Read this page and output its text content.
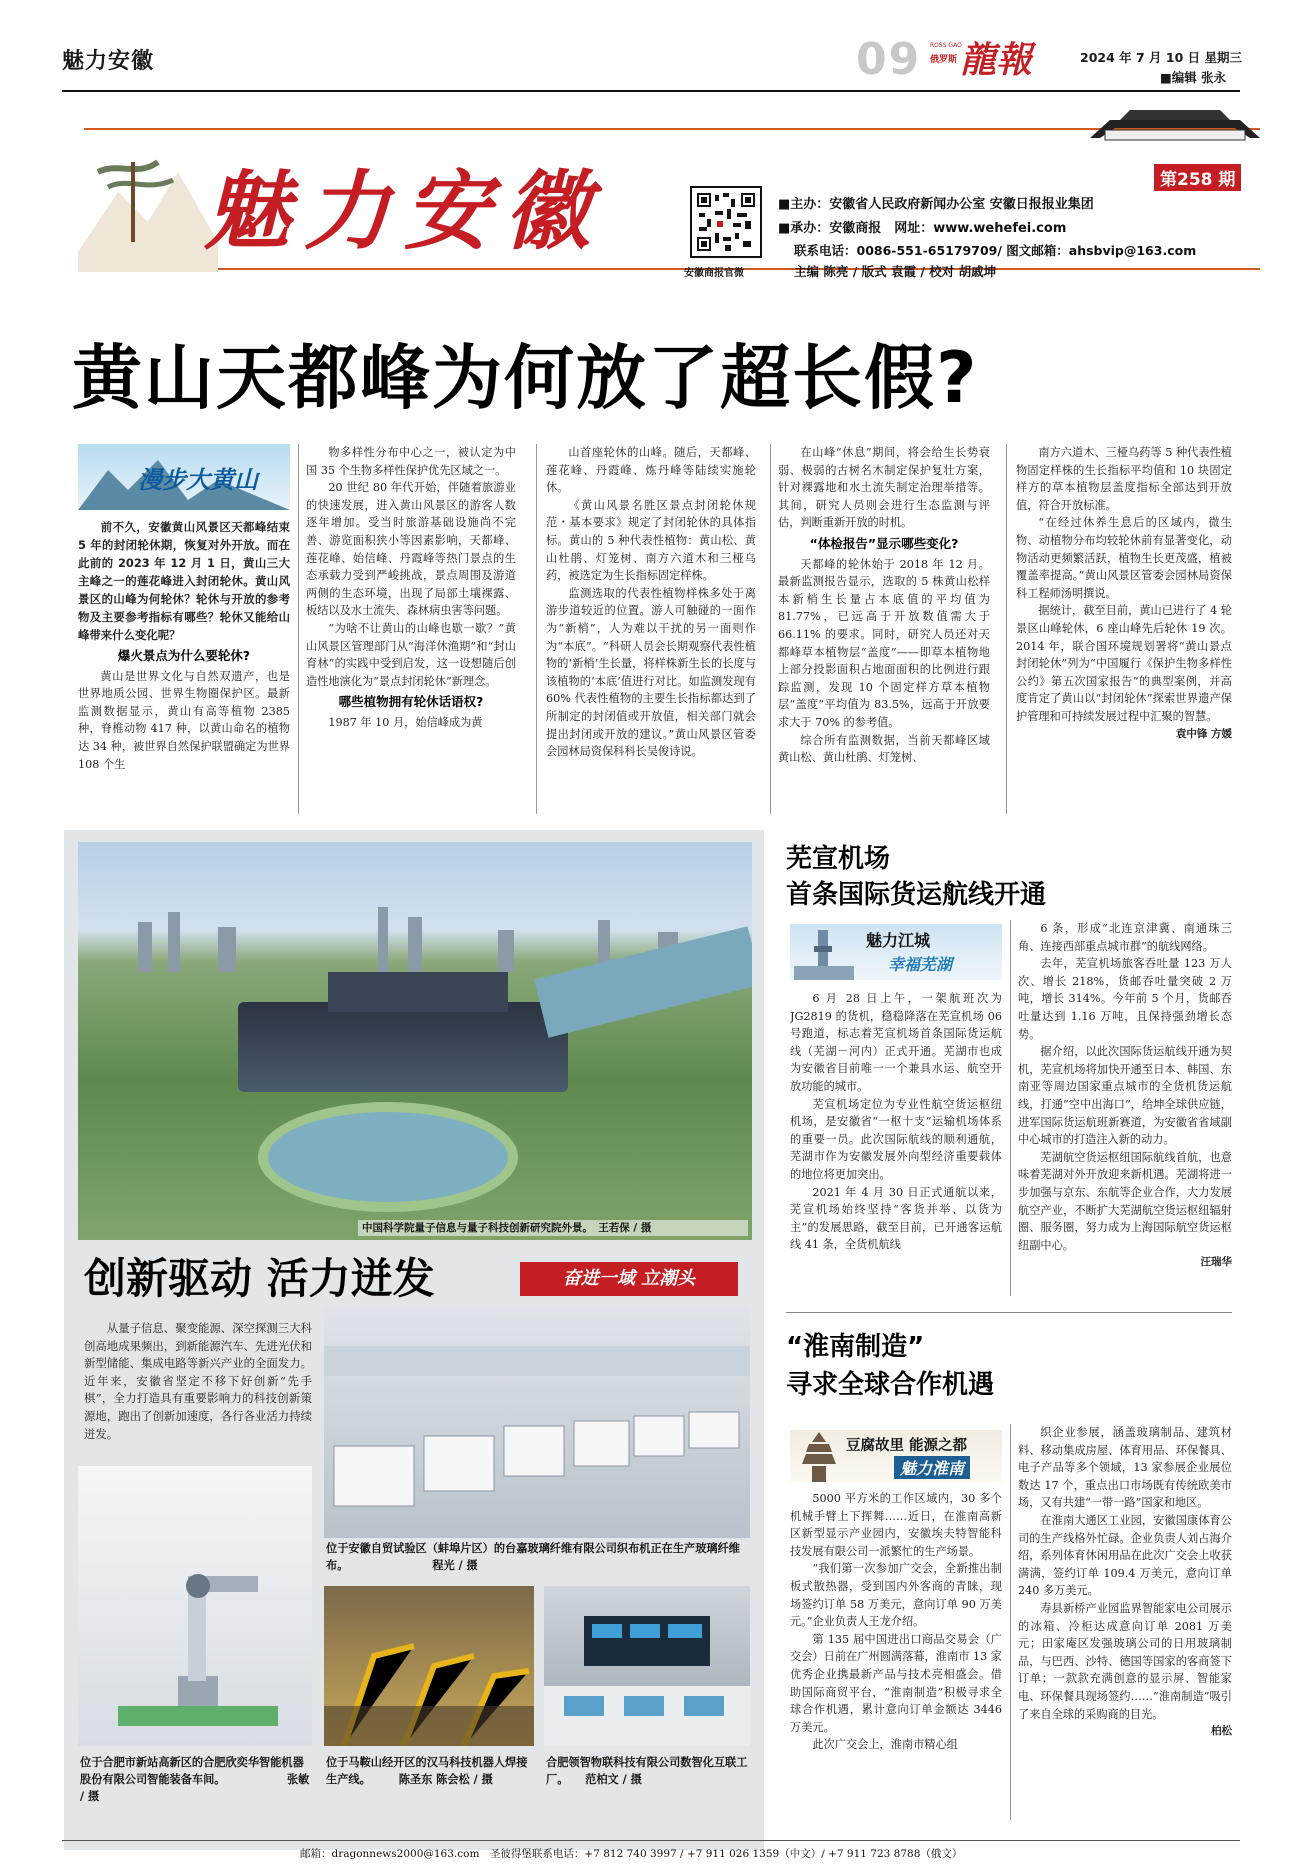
魅力安徽	09 俄罗斯
ROSS GAO
龍報	2024 年 7 月 10 日 星期三
■编辑 张永
魅力安徽
安徽商报官微
第258 期
■主办：安徽省人民政府新闻办公室 安徽日报报业集团
■承办：安徽商报　网址：www.wehefei.com
联系电话：0086-551-65179709/ 图文邮箱：ahsbvip@163.com
主编 陈亮 / 版式 袁霞 / 校对 胡戚坤
黄山天都峰为何放了超长假?
漫步大黄山

前不久，安徽黄山风景区天都峰结束 5 年的封闭轮休期，恢复对外开放。而在此前的 2023 年 12 月 1 日，黄山三大主峰之一的莲花峰进入封闭轮休。黄山风景区的山峰为何轮休？轮休与开放的参考物及主要参考指标有哪些？轮休又能给山峰带来什么变化呢？

爆火景点为什么要轮休?

黄山是世界文化与自然双遗产，也是世界地质公园、世界生物圈保护区。最新监测数据显示，黄山有高等植物 2385 种，脊椎动物 417 种，以黄山命名的植物达 34 种，被世界自然保护联盟确定为世界 108 个生

物多样性分布中心之一，被认定为中国 35 个生物多样性保护优先区域之一。

20 世纪 80 年代开始，伴随着旅游业的快速发展，进入黄山风景区的游客人数逐年增加。受当时旅游基础设施尚不完善、游览面积狭小等因素影响，天都峰、莲花峰、始信峰、丹霞峰等热门景点的生态承载力受到严峻挑战，景点周围及游道两侧的生态环境，出现了局部土壤裸露、板结以及水土流失、森林病虫害等问题。

“为啥不让黄山的山峰也歇一歇？”黄山风景区管理部门从“海洋休渔期”和“封山育林”的实践中受到启发，这一设想随后创造性地演化为“景点封闭轮休”新理念。

哪些植物拥有轮休话语权?

1987 年 10 月，始信峰成为黄

山首座轮休的山峰。随后，天都峰、莲花峰、丹霞峰、炼丹峰等陆续实施轮休。

《黄山风景名胜区景点封闭轮休规范・基本要求》规定了封闭轮休的具体指标。黄山的 5 种代表性植物：黄山松、黄山杜鹃、灯笼树、南方六道木和三桠乌药，被选定为生长指标固定样株。

监测选取的代表性植物样株多处于离游步道较近的位置。游人可触碰的一面作为“新梢”，人为难以干扰的另一面则作为“本底”。“科研人员会长期观察代表性植物的‘新梢’生长量，将样株新生长的长度与该植物的‘本底’值进行对比。如监测发现有 60% 代表性植物的主要生长指标都达到了所制定的封闭值或开放值，相关部门就会提出封闭或开放的建议。”黄山风景区管委会园林局资保科科长吴俊诗说。

在山峰“休息”期间，将会给生长势衰弱、极弱的古树名木制定保护复壮方案，针对裸露地和水土流失制定治理举措等。其间，研究人员则会进行生态监测与评估，判断重新开放的时机。

“体检报告”显示哪些变化?

天都峰的轮休始于 2018 年 12 月。最新监测报告显示，选取的 5 株黄山松样本新梢生长量占本底值的平均值为 81.77%，已远高于开放数值需大于 66.11% 的要求。同时，研究人员还对天都峰草本植物层“盖度”——即草本植物地上部分投影面积占地面面积的比例进行跟踪监测，发现 10 个固定样方草本植物层“盖度”平均值为 83.5%，远高于开放要求大于 70% 的参考值。

综合所有监测数据，当前天都峰区域黄山松、黄山杜鹃、灯笼树、

南方六道木、三桠乌药等 5 种代表性植物固定样株的生长指标平均值和 10 块固定样方的草本植物层盖度指标全部达到开放值，符合开放标准。

“在经过休养生息后的区域内，微生物、动植物分布均较轮休前有显著变化，动物活动更频繁活跃，植物生长更茂盛，植被覆盖率提高。”黄山风景区管委会园林局资保科工程师汤明撰说。

据统计，截至目前，黄山已进行了 4 轮景区山峰轮休，6 座山峰先后轮休 19 次。2014 年，联合国环境规划署将“黄山景点封闭轮休”列为“中国履行《保护生物多样性公约》第五次国家报告”的典型案例，并高度肯定了黄山以“封闭轮休”探索世界遗产保护管理和可持续发展过程中汇聚的智慧。

袁中锋 方媛

中国科学院量子信息与量子科技创新研究院外景。　王若保 / 摄
创新驱动 活力迸发	奋进一域 立潮头

从量子信息、聚变能源、深空探测三大科创高地成果频出，到新能源汽车、先进光伏和新型储能、集成电路等新兴产业的全面发力。近年来，安徽省坚定不移下好创新“先手棋”，全力打造具有重要影响力的科技创新策源地，跑出了创新加速度，各行各业活力持续迸发。

位于安徽自贸试验区（蚌埠片区）的台嘉玻璃纤维有限公司织布机正在生产玻璃纤维布。　　　　　　　　程光 / 摄
位于合肥市新站高新区的合肥欣奕华智能机器股份有限公司智能装备车间。　　　　　　张敏 / 摄
位于马鞍山经开区的汉马科技机器人焊接生产线。　　　陈圣东 陈会松 / 摄
合肥领智物联科技有限公司数智化互联工厂。　　范柏文 / 摄
芜宣机场
首条国际货运航线开通
魅力江城
幸福芜湖

6 月 28 日上午，一架航班次为 JG2819 的货机，稳稳降落在芜宣机场 06 号跑道，标志着芜宣机场首条国际货运航线（芜湖－河内）正式开通。芜湖市也成为安徽省目前唯一一个兼具水运、航空开放功能的城市。

芜宣机场定位为专业性航空货运枢纽机场，是安徽省“一枢十支”运输机场体系的重要一员。此次国际航线的顺利通航，芜湖市作为安徽发展外向型经济重要载体的地位将更加突出。

2021 年 4 月 30 日正式通航以来，芜宣机场始终坚持“客货并举、以货为主”的发展思路，截至目前，已开通客运航线 41 条，全货机航线

6 条，形成“北连京津冀、南通珠三角、连接西部重点城市群”的航线网络。

去年，芜宣机场旅客吞吐量 123 万人次、增长 218%，货邮吞吐量突破 2 万吨，增长 314%。今年前 5 个月，货邮吞吐量达到 1.16 万吨，且保持强劲增长态势。

据介绍，以此次国际货运航线开通为契机，芜宣机场将加快开通至日本、韩国、东南亚等周边国家重点城市的全货机货运航线，打通“空中出海口”，给坤全球供应链，进军国际货运航班新赛道，为安徽省省域副中心城市的打造注入新的动力。

芜湖航空货运枢纽国际航线首航，也意味着芜湖对外开放迎来新机遇。芜湖将进一步加强与京东、东航等企业合作，大力发展航空产业，不断扩大芜湖航空货运枢纽辐射圈、服务圈，努力成为上海国际航空货运枢纽副中心。

汪瑞华

“淮南制造”
寻求全球合作机遇
豆腐故里 能源之都
魅力淮南

5000 平方米的工作区域内，30 多个机械手臂上下挥舞……近日，在淮南高新区新型显示产业园内，安徽埃夫特智能科技发展有限公司一派繁忙的生产场景。

“我们第一次参加广交会，全新推出制板式散热器，受到国内外客商的青睐，现场签约订单 58 万美元，意向订单 90 万美元。”企业负责人王龙介绍。

第 135 届中国进出口商品交易会（广交会）日前在广州圆满落幕，淮南市 13 家优秀企业携最新产品与技术亮相盛会。借助国际商贸平台，“淮南制造”积极寻求全球合作机遇，累计意向订单金额达 3446 万美元。

此次广交会上，淮南市精心组

织企业参展，涵盖玻璃制品、建筑材料、移动集成房屋、体育用品、环保餐具、电子产品等多个领域，13 家参展企业展位数达 17 个，重点出口市场既有传统欧美市场，又有共建“一带一路”国家和地区。

在淮南大通区工业园，安徽国康体育公司的生产线格外忙碌。企业负责人刘占海介绍，系列体育休闲用品在此次广交会上收获满满，签约订单 109.4 万美元，意向订单 240 多万美元。

寿县新桥产业园监界智能家电公司展示的冰箱、冷柜达成意向订单 2081 万美元；田家庵区发强玻璃公司的日用玻璃制品，与巴西、沙特、德国等国家的客商签下订单；一款款充满创意的显示屏、智能家电、环保餐具现场签约……“淮南制造”吸引了来自全球的采购商的目光。

柏松

邮箱：dragonnews2000@163.com　圣彼得堡联系电话：+7 812 740 3997 / +7 911 026 1359（中文）/ +7 911 723 8788（俄文）
